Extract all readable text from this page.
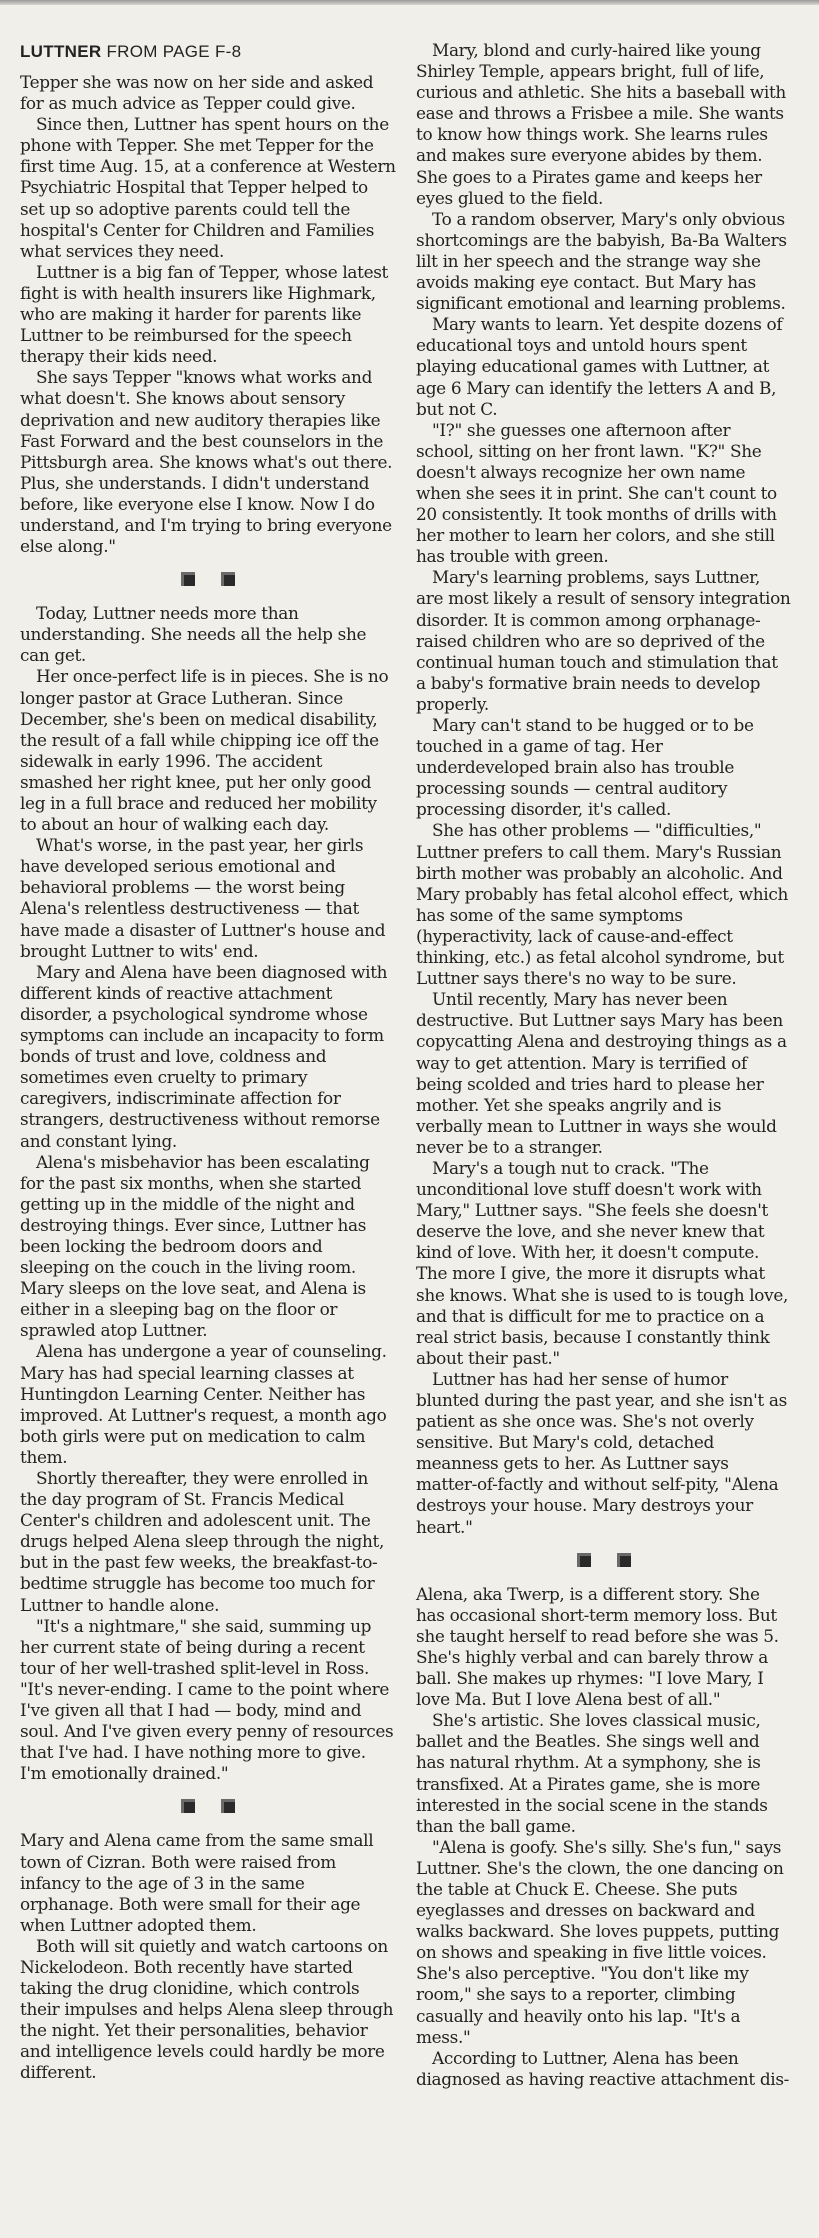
LUTTNER FROM PAGE F-8

Tepper she was now on her side and asked for as much advice as Tepper could give.

Since then, Luttner has spent hours on the phone with Tepper. She met Tepper for the first time Aug. 15, at a conference at Western Psychiatric Hospital that Tepper helped to set up so adoptive parents could tell the hospital's Center for Children and Families what services they need.

Luttner is a big fan of Tepper, whose latest fight is with health insurers like Highmark, who are making it harder for parents like Luttner to be reimbursed for the speech therapy their kids need.

She says Tepper "knows what works and what doesn't. She knows about sensory deprivation and new auditory therapies like Fast Forward and the best counselors in the Pittsburgh area. She knows what's out there. Plus, she understands. I didn't understand before, like everyone else I know. Now I do understand, and I'm trying to bring everyone else along."

Today, Luttner needs more than understanding. She needs all the help she can get.

Her once-perfect life is in pieces. She is no longer pastor at Grace Lutheran. Since December, she's been on medical disability, the result of a fall while chipping ice off the sidewalk in early 1996. The accident smashed her right knee, put her only good leg in a full brace and reduced her mobility to about an hour of walking each day.

What's worse, in the past year, her girls have developed serious emotional and behavioral problems — the worst being Alena's relentless destructiveness — that have made a disaster of Luttner's house and brought Luttner to wits' end.

Mary and Alena have been diagnosed with different kinds of reactive attachment disorder, a psychological syndrome whose symptoms can include an incapacity to form bonds of trust and love, coldness and sometimes even cruelty to primary caregivers, indiscriminate affection for strangers, destructiveness without remorse and constant lying.

Alena's misbehavior has been escalating for the past six months, when she started getting up in the middle of the night and destroying things. Ever since, Luttner has been locking the bedroom doors and sleeping on the couch in the living room. Mary sleeps on the love seat, and Alena is either in a sleeping bag on the floor or sprawled atop Luttner.

Alena has undergone a year of counseling. Mary has had special learning classes at Huntingdon Learning Center. Neither has improved. At Luttner's request, a month ago both girls were put on medication to calm them.

Shortly thereafter, they were enrolled in the day program of St. Francis Medical Center's children and adolescent unit. The drugs helped Alena sleep through the night, but in the past few weeks, the breakfast-to-bedtime struggle has become too much for Luttner to handle alone.

"It's a nightmare," she said, summing up her current state of being during a recent tour of her well-trashed split-level in Ross. "It's never-ending. I came to the point where I've given all that I had — body, mind and soul. And I've given every penny of resources that I've had. I have nothing more to give. I'm emotionally drained."

Mary and Alena came from the same small town of Cizran. Both were raised from infancy to the age of 3 in the same orphanage. Both were small for their age when Luttner adopted them.

Both will sit quietly and watch cartoons on Nickelodeon. Both recently have started taking the drug clonidine, which controls their impulses and helps Alena sleep through the night. Yet their personalities, behavior and intelligence levels could hardly be more different.

Mary, blond and curly-haired like young Shirley Temple, appears bright, full of life, curious and athletic. She hits a baseball with ease and throws a Frisbee a mile. She wants to know how things work. She learns rules and makes sure everyone abides by them. She goes to a Pirates game and keeps her eyes glued to the field.

To a random observer, Mary's only obvious shortcomings are the babyish, Ba-Ba Walters lilt in her speech and the strange way she avoids making eye contact. But Mary has significant emotional and learning problems.

Mary wants to learn. Yet despite dozens of educational toys and untold hours spent playing educational games with Luttner, at age 6 Mary can identify the letters A and B, but not C.

"I?" she guesses one afternoon after school, sitting on her front lawn. "K?" She doesn't always recognize her own name when she sees it in print. She can't count to 20 consistently. It took months of drills with her mother to learn her colors, and she still has trouble with green.

Mary's learning problems, says Luttner, are most likely a result of sensory integration disorder. It is common among orphanage-raised children who are so deprived of the continual human touch and stimulation that a baby's formative brain needs to develop properly.

Mary can't stand to be hugged or to be touched in a game of tag. Her underdeveloped brain also has trouble processing sounds — central auditory processing disorder, it's called.

She has other problems — "difficulties," Luttner prefers to call them. Mary's Russian birth mother was probably an alcoholic. And Mary probably has fetal alcohol effect, which has some of the same symptoms (hyperactivity, lack of cause-and-effect thinking, etc.) as fetal alcohol syndrome, but Luttner says there's no way to be sure.

Until recently, Mary has never been destructive. But Luttner says Mary has been copycatting Alena and destroying things as a way to get attention. Mary is terrified of being scolded and tries hard to please her mother. Yet she speaks angrily and is verbally mean to Luttner in ways she would never be to a stranger.

Mary's a tough nut to crack. "The unconditional love stuff doesn't work with Mary," Luttner says. "She feels she doesn't deserve the love, and she never knew that kind of love. With her, it doesn't compute. The more I give, the more it disrupts what she knows. What she is used to is tough love, and that is difficult for me to practice on a real strict basis, because I constantly think about their past."

Luttner has had her sense of humor blunted during the past year, and she isn't as patient as she once was. She's not overly sensitive. But Mary's cold, detached meanness gets to her. As Luttner says matter-of-factly and without self-pity, "Alena destroys your house. Mary destroys your heart."

Alena, aka Twerp, is a different story. She has occasional short-term memory loss. But she taught herself to read before she was 5. She's highly verbal and can barely throw a ball. She makes up rhymes: "I love Mary, I love Ma. But I love Alena best of all."

She's artistic. She loves classical music, ballet and the Beatles. She sings well and has natural rhythm. At a symphony, she is transfixed. At a Pirates game, she is more interested in the social scene in the stands than the ball game.

"Alena is goofy. She's silly. She's fun," says Luttner. She's the clown, the one dancing on the table at Chuck E. Cheese. She puts eyeglasses and dresses on backward and walks backward. She loves puppets, putting on shows and speaking in five little voices. She's also perceptive. "You don't like my room," she says to a reporter, climbing casually and heavily onto his lap. "It's a mess."

According to Luttner, Alena has been diagnosed as having reactive attachment dis-
